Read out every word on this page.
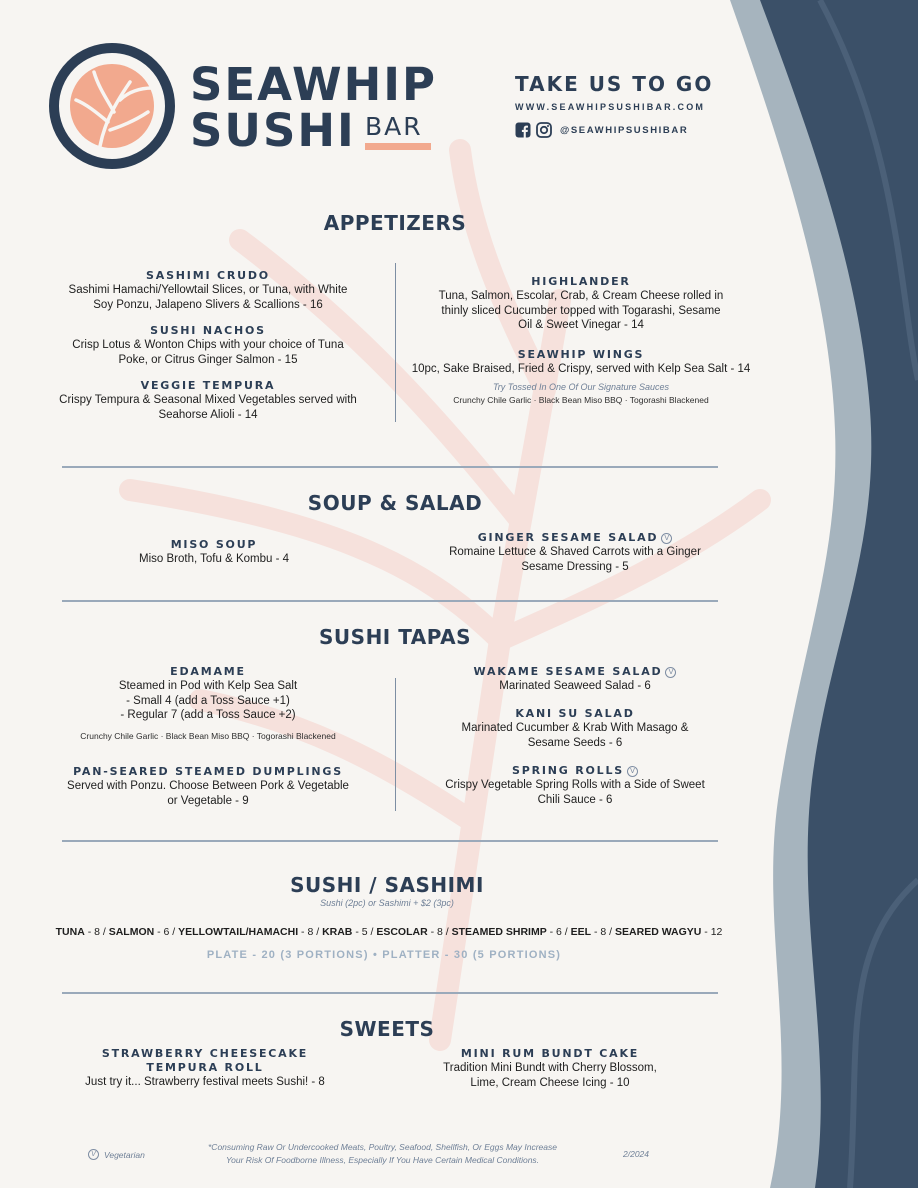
SEAWHIP
SUSHI BAR
TAKE US TO GO
WWW.SEAWHIPSUSHIBAR.COM
@SEAWHIPSUSHIBAR
APPETIZERS
SASHIMI CRUDO
Sashimi Hamachi/Yellowtail Slices, or Tuna, with White
Soy Ponzu, Jalapeno Slivers & Scallions - 16
SUSHI NACHOS
Crisp Lotus & Wonton Chips with your choice of Tuna
Poke, or Citrus Ginger Salmon - 15
VEGGIE TEMPURA
Crispy Tempura & Seasonal Mixed Vegetables served with
Seahorse Alioli - 14
HIGHLANDER
Tuna, Salmon, Escolar, Crab, & Cream Cheese rolled in
thinly sliced Cucumber topped with Togarashi, Sesame
Oil & Sweet Vinegar - 14
SEAWHIP WINGS
10pc, Sake Braised, Fried & Crispy, served with Kelp Sea Salt - 14
Try Tossed In One Of Our Signature Sauces
Crunchy Chile Garlic · Black Bean Miso BBQ · Togorashi Blackened
SOUP & SALAD
MISO SOUP
Miso Broth, Tofu & Kombu - 4
GINGER SESAME SALAD V
Romaine Lettuce & Shaved Carrots with a Ginger
Sesame Dressing - 5
SUSHI TAPAS
EDAMAME
Steamed in Pod with Kelp Sea Salt
- Small 4 (add a Toss Sauce +1)
- Regular 7 (add a Toss Sauce +2)
Crunchy Chile Garlic · Black Bean Miso BBQ · Togorashi Blackened
PAN-SEARED STEAMED DUMPLINGS
Served with Ponzu. Choose Between Pork & Vegetable
or Vegetable - 9
WAKAME SESAME SALAD V
Marinated Seaweed Salad - 6
KANI SU SALAD
Marinated Cucumber & Krab With Masago &
Sesame Seeds - 6
SPRING ROLLS V
Crispy Vegetable Spring Rolls with a Side of Sweet
Chili Sauce - 6
SUSHI / SASHIMI
Sushi (2pc) or Sashimi + $2 (3pc)
TUNA - 8 / SALMON - 6 / YELLOWTAIL/HAMACHI - 8 / KRAB - 5 / ESCOLAR - 8 / STEAMED SHRIMP - 6 / EEL - 8 / SEARED WAGYU - 12
PLATE - 20 (3 PORTIONS) • PLATTER - 30 (5 PORTIONS)
SWEETS
STRAWBERRY CHEESECAKE
TEMPURA ROLL
Just try it... Strawberry festival meets Sushi! - 8
MINI RUM BUNDT CAKE
Tradition Mini Bundt with Cherry Blossom,
Lime, Cream Cheese Icing - 10
V Vegetarian
*Consuming Raw Or Undercooked Meats, Poultry, Seafood, Shellfish, Or Eggs May Increase
Your Risk Of Foodborne Illness, Especially If You Have Certain Medical Conditions.
2/2024
